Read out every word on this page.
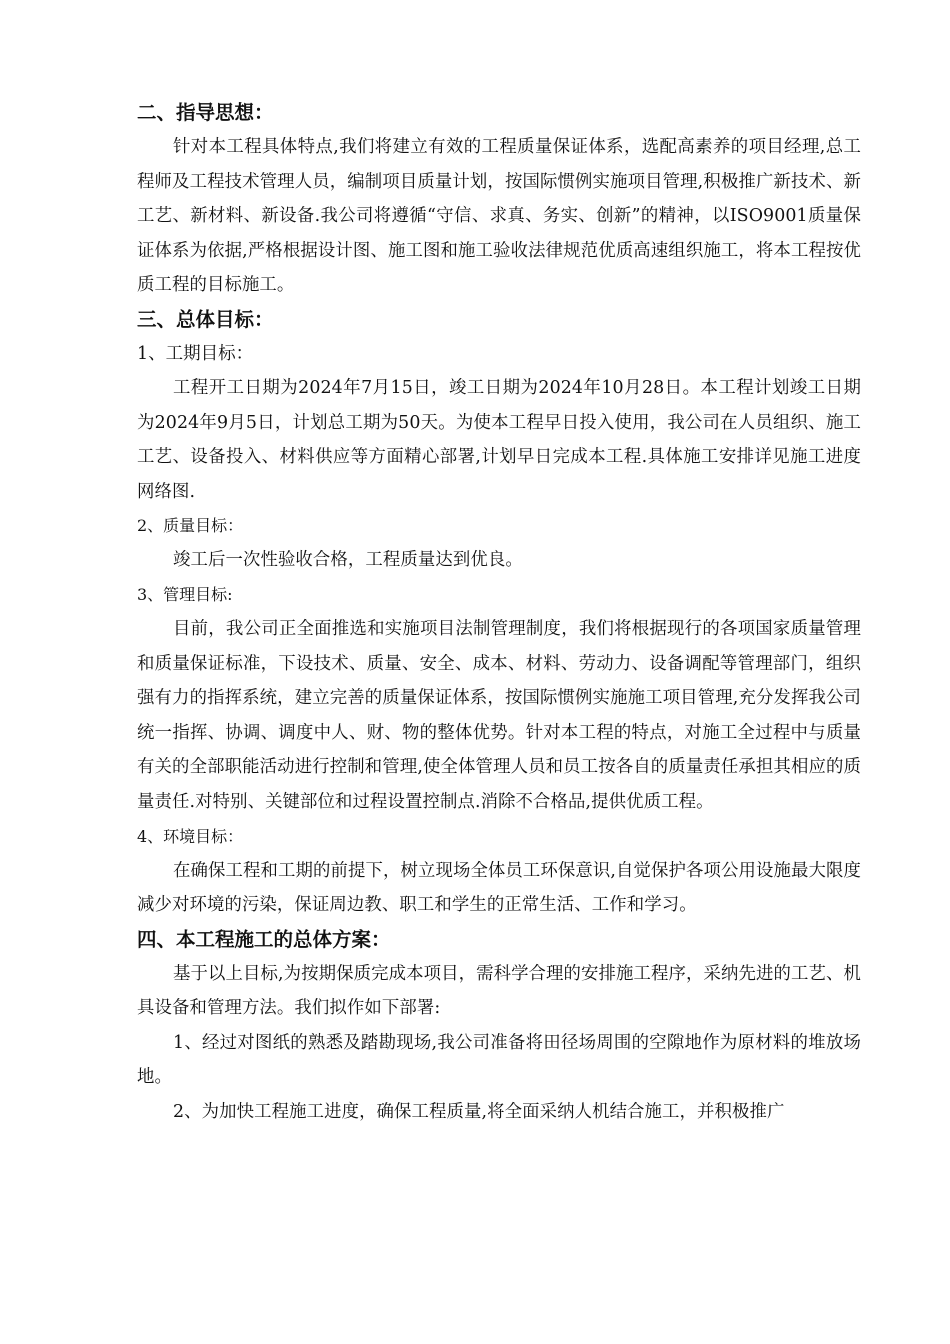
二、指导思想：

针对本工程具体特点,我们将建立有效的工程质量保证体系，选配高素养的项目经理,总工程师及工程技术管理人员，编制项目质量计划，按国际惯例实施项目管理,积极推广新技术、新工艺、新材料、新设备.我公司将遵循“守信、求真、务实、创新”的精神，以ISO9001质量保证体系为依据,严格根据设计图、施工图和施工验收法律规范优质高速组织施工，将本工程按优质工程的目标施工。

三、总体目标：
1、工期目标：

工程开工日期为2024年7月15日，竣工日期为2024年10月28日。本工程计划竣工日期为2024年9月5日，计划总工期为50天。为使本工程早日投入使用，我公司在人员组织、施工工艺、设备投入、材料供应等方面精心部署,计划早日完成本工程.具体施工安排详见施工进度网络图.

2、质量目标：

竣工后一次性验收合格，工程质量达到优良。

3、管理目标:

目前，我公司正全面推选和实施项目法制管理制度，我们将根据现行的各项国家质量管理和质量保证标准，下设技术、质量、安全、成本、材料、劳动力、设备调配等管理部门，组织强有力的指挥系统，建立完善的质量保证体系，按国际惯例实施施工项目管理,充分发挥我公司统一指挥、协调、调度中人、财、物的整体优势。针对本工程的特点，对施工全过程中与质量有关的全部职能活动进行控制和管理,使全体管理人员和员工按各自的质量责任承担其相应的质量责任.对特别、关键部位和过程设置控制点.消除不合格品,提供优质工程。

4、环境目标：

在确保工程和工期的前提下，树立现场全体员工环保意识,自觉保护各项公用设施最大限度减少对环境的污染，保证周边教、职工和学生的正常生活、工作和学习。

四、本工程施工的总体方案：

基于以上目标,为按期保质完成本项目，需科学合理的安排施工程序，采纳先进的工艺、机具设备和管理方法。我们拟作如下部署:

1、经过对图纸的熟悉及踏勘现场,我公司准备将田径场周围的空隙地作为原材料的堆放场地。

2、为加快工程施工进度，确保工程质量,将全面采纳人机结合施工，并积极推广
